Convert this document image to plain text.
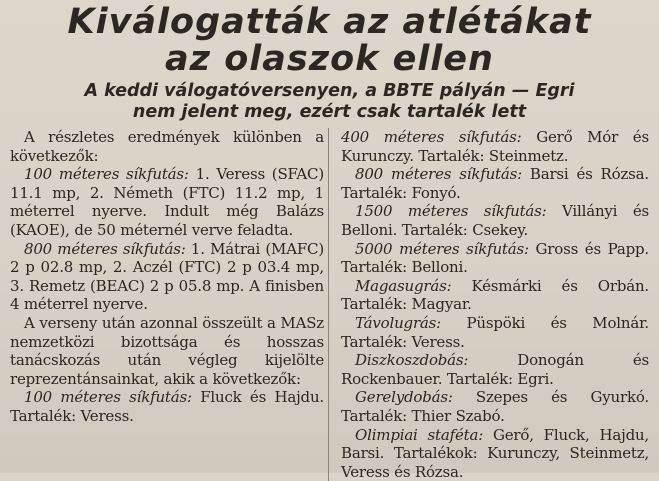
Kiválogatták az atlétákat
az olaszok ellen
A keddi válogatóversenyen, a BBTE pályán — Egri
nem jelent meg, ezért csak tartalék lett

A részletes eredmények különben a következők:

100 méteres síkfutás: 1. Veress (SFAC) 11.1 mp, 2. Németh (FTC) 11.2 mp, 1 méterrel nyerve. Indult még Balázs (KAOE), de 50 méternél verve feladta.

800 méteres síkfutás: 1. Mátrai (MAFC) 2 p 02.8 mp, 2. Aczél (FTC) 2 p 03.4 mp, 3. Remetz (BEAC) 2 p 05.8 mp. A finisben 4 méterrel nyerve.

A verseny után azonnal összeült a MASz nemzetközi bizottsága és hosszas tanácskozás után végleg kijelölte reprezentánsainkat, akik a következők:

100 méteres síkfutás: Fluck és Hajdu. Tartalék: Veress.

400 méteres síkfutás: Gerő Mór és Kurunczy. Tartalék: Steinmetz.

800 méteres síkfutás: Barsi és Rózsa. Tartalék: Fonyó.

1500 méteres síkfutás: Villányi és Belloni. Tartalék: Csekey.

5000 méteres síkfutás: Gross és Papp. Tartalék: Belloni.

Magasugrás: Késmárki és Orbán. Tartalék: Magyar.

Távolugrás: Püspöki és Molnár. Tartalék: Veress.

Diszkoszdobás: Donogán és Rockenbauer. Tartalék: Egri.

Gerelydobás: Szepes és Gyurkó. Tartalék: Thier Szabó.

Olimpiai staféta: Gerő, Fluck, Hajdu, Barsi. Tartalékok: Kurunczy, Steinmetz, Veress és Rózsa.
